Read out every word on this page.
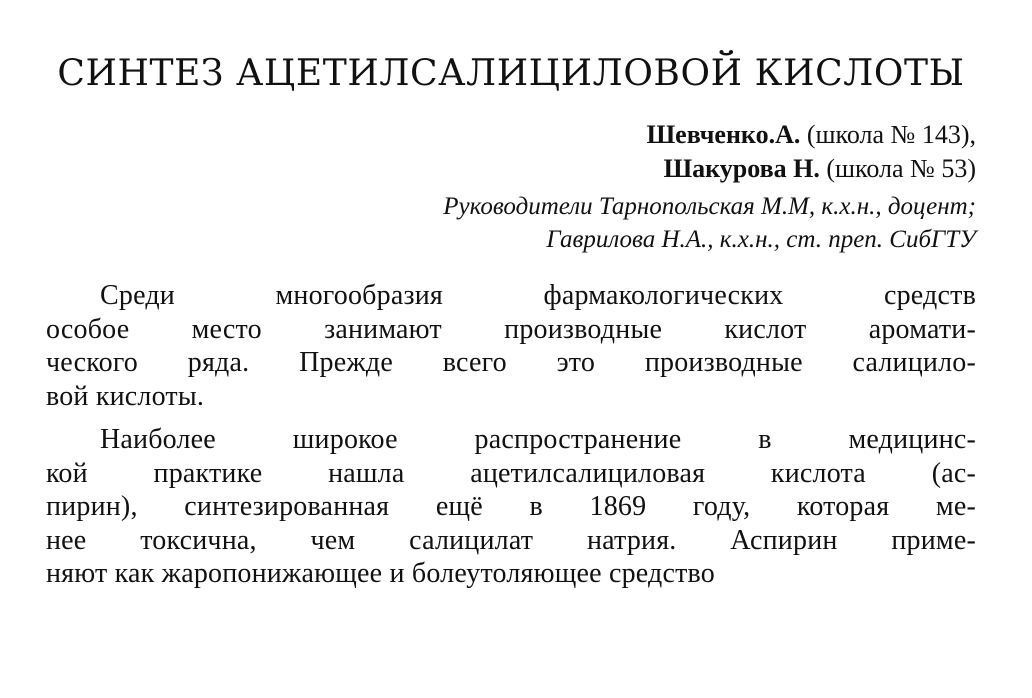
СИНТЕЗ АЦЕТИЛСАЛИЦИЛОВОЙ КИСЛОТЫ
Шевченко.А. (школа № 143),
Шакурова Н. (школа № 53)
Руководители Тарнопольская М.М, к.х.н., доцент;
Гаврилова Н.А., к.х.н., ст. преп. СибГТУ

Среди многообразия фармакологических средств
особое место занимают производные кислот аромати-
ческого ряда. Прежде всего это производные салицило-
вой кислоты.

Наиболее широкое распространение в медицинс-
кой практике нашла ацетилсалициловая кислота (ас-
пирин), синтезированная ещё в 1869 году, которая ме-
нее токсична, чем салицилат натрия. Аспирин приме-
няют как жаропонижающее и болеутоляющее средство
